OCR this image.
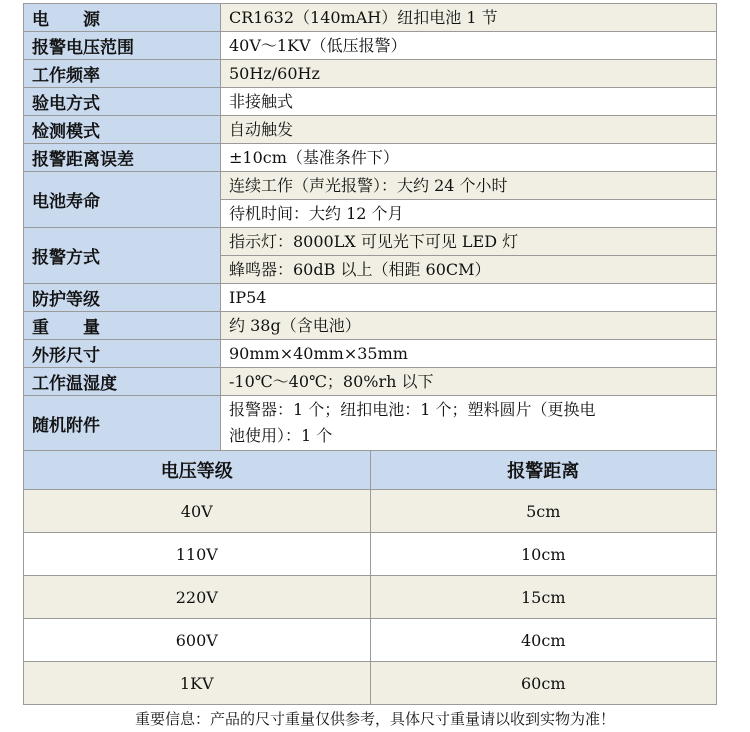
电　　源	CR1632（140mAH）纽扣电池 1 节
报警电压范围	40V～1KV（低压报警）
工作频率	50Hz/60Hz
验电方式	非接触式
检测模式	自动触发
报警距离误差	±10cm（基准条件下）
电池寿命	连续工作（声光报警）：大约 24 个小时
待机时间：大约 12 个月

报警方式	指示灯：8000LX 可见光下可见 LED 灯
蜂鸣器：60dB 以上（相距 60CM）

防护等级	IP54
重　　量	约 38g（含电池）
外形尺寸	90mm×40mm×35mm
工作温湿度	-10℃～40℃；80%rh 以下
随机附件	报警器：1 个；纽扣电池：1 个；塑料圆片（更换电
池使用）：1 个
电压等级	报警距离
40V	5cm
110V	10cm
220V	15cm
600V	40cm
1KV	60cm
重要信息：产品的尺寸重量仅供参考，具体尺寸重量请以收到实物为准！
